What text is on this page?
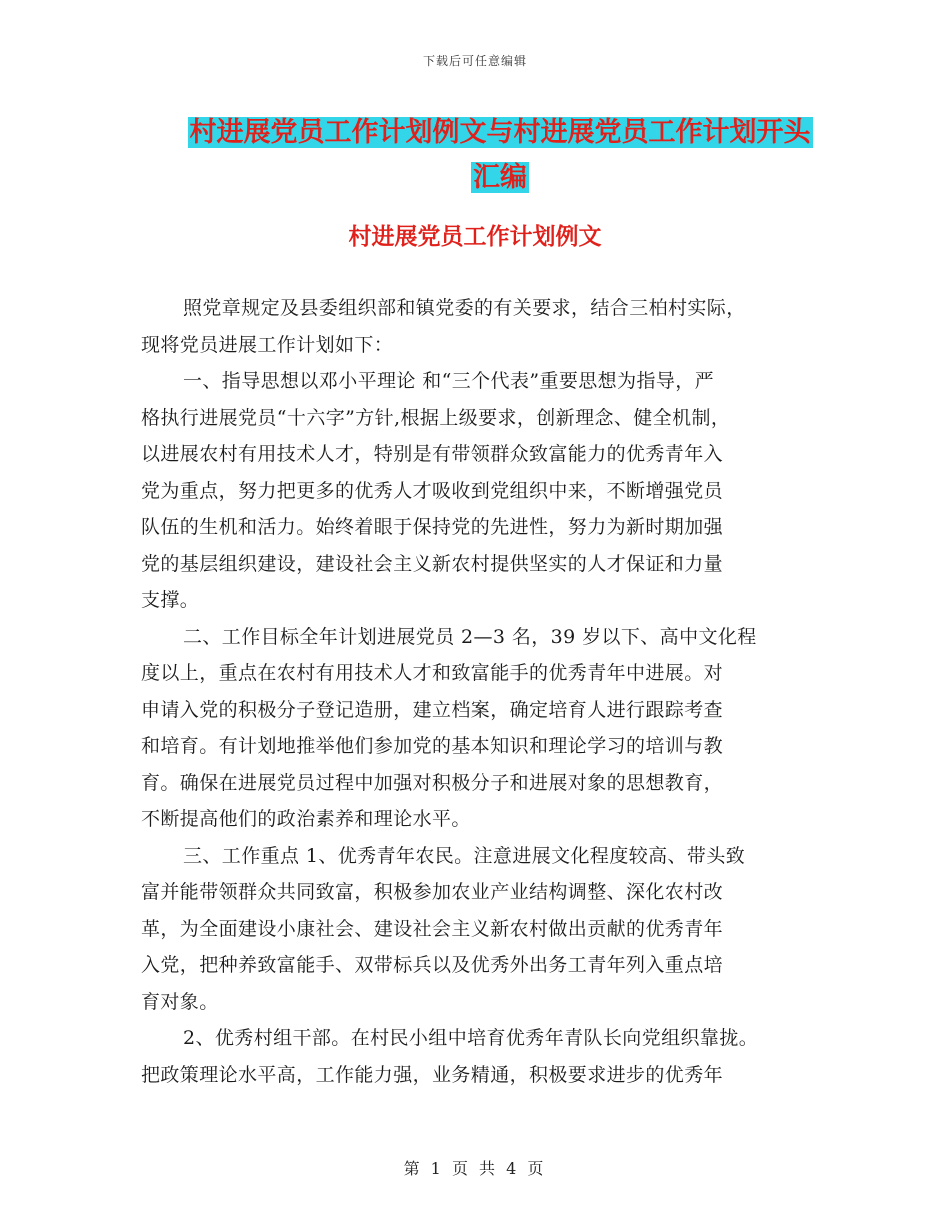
下载后可任意编辑
村进展党员工作计划例文与村进展党员工作计划开头
汇编
村进展党员工作计划例文
照党章规定及县委组织部和镇党委的有关要求，结合三柏村实际，
现将党员进展工作计划如下：
一、指导思想以邓小平理论 和“三个代表”重要思想为指导，严
格执行进展党员“十六字”方针,根据上级要求，创新理念、健全机制，
以进展农村有用技术人才，特别是有带领群众致富能力的优秀青年入
党为重点，努力把更多的优秀人才吸收到党组织中来，不断增强党员
队伍的生机和活力。始终着眼于保持党的先进性，努力为新时期加强
党的基层组织建设，建设社会主义新农村提供坚实的人才保证和力量
支撑。
二、工作目标全年计划进展党员 2—3 名，39 岁以下、高中文化程
度以上，重点在农村有用技术人才和致富能手的优秀青年中进展。对
申请入党的积极分子登记造册，建立档案，确定培育人进行跟踪考查
和培育。有计划地推举他们参加党的基本知识和理论学习的培训与教
育。确保在进展党员过程中加强对积极分子和进展对象的思想教育，
不断提高他们的政治素养和理论水平。
三、工作重点 1、优秀青年农民。注意进展文化程度较高、带头致
富并能带领群众共同致富，积极参加农业产业结构调整、深化农村改
革，为全面建设小康社会、建设社会主义新农村做出贡献的优秀青年
入党，把种养致富能手、双带标兵以及优秀外出务工青年列入重点培
育对象。
2、优秀村组干部。在村民小组中培育优秀年青队长向党组织靠拢。
把政策理论水平高，工作能力强，业务精通，积极要求进步的优秀年
第 1 页 共 4 页
